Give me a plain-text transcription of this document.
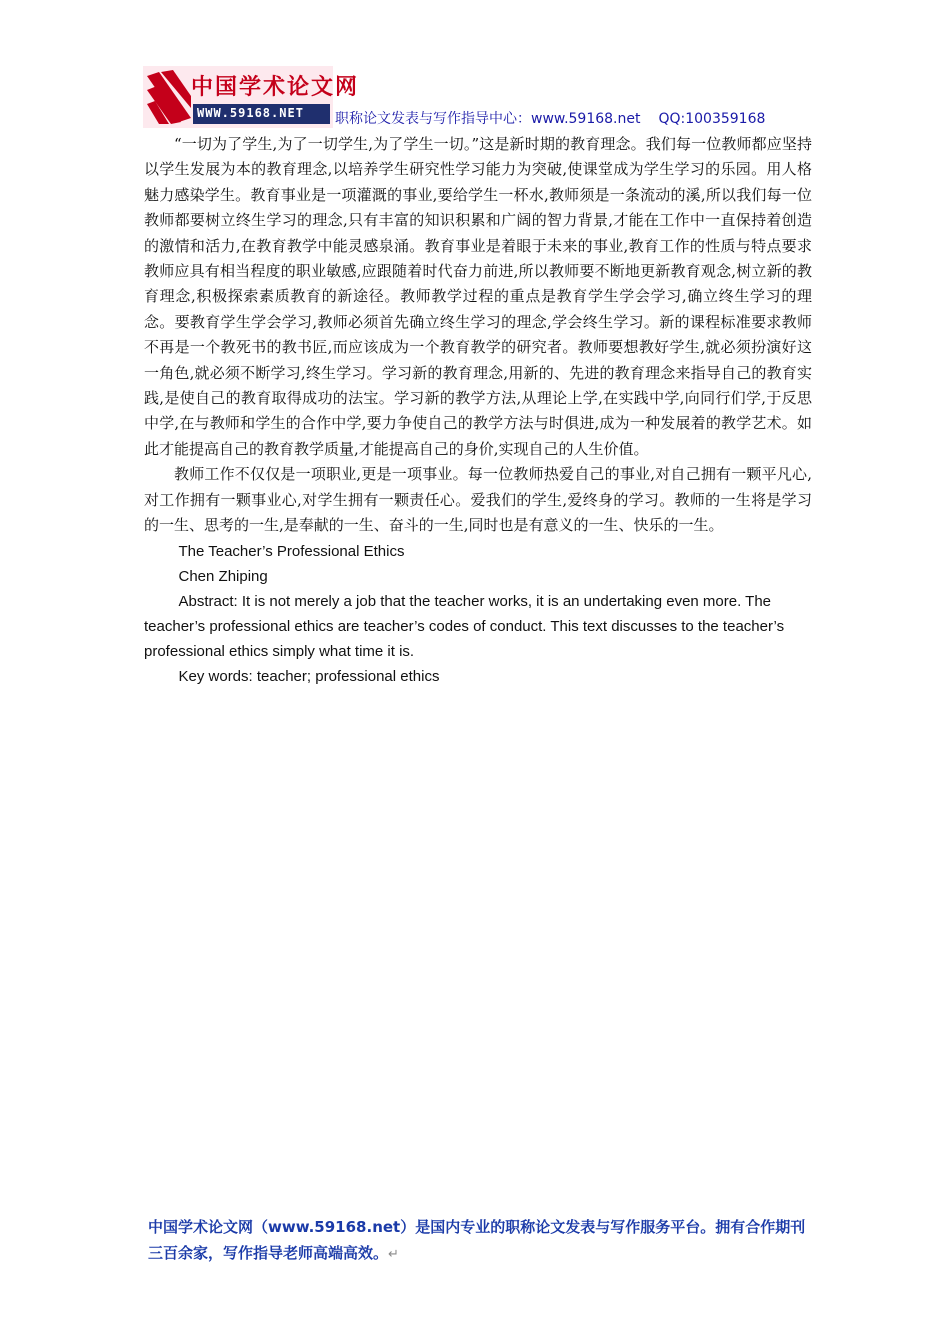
中国学术论文网
WWW.59168.NET 职称论文发表与写作指导中心：www.59168.net QQ:100359168

“一切为了学生,为了一切学生,为了学生一切。”这是新时期的教育理念。我们每一位教师都应坚持以学生发展为本的教育理念,以培养学生研究性学习能力为突破,使课堂成为学生学习的乐园。用人格魅力感染学生。教育事业是一项灌溉的事业,要给学生一杯水,教师须是一条流动的溪,所以我们每一位教师都要树立终生学习的理念,只有丰富的知识积累和广阔的智力背景,才能在工作中一直保持着创造的激情和活力,在教育教学中能灵感泉涌。教育事业是着眼于未来的事业,教育工作的性质与特点要求教师应具有相当程度的职业敏感,应跟随着时代奋力前进,所以教师要不断地更新教育观念,树立新的教育理念,积极探索素质教育的新途径。教师教学过程的重点是教育学生学会学习,确立终生学习的理念。要教育学生学会学习,教师必须首先确立终生学习的理念,学会终生学习。新的课程标准要求教师不再是一个教死书的教书匠,而应该成为一个教育教学的研究者。教师要想教好学生,就必须扮演好这一角色,就必须不断学习,终生学习。学习新的教育理念,用新的、先进的教育理念来指导自己的教育实践,是使自己的教育取得成功的法宝。学习新的教学方法,从理论上学,在实践中学,向同行们学,于反思中学,在与教师和学生的合作中学,要力争使自己的教学方法与时俱进,成为一种发展着的教学艺术。如此才能提高自己的教育教学质量,才能提高自己的身价,实现自己的人生价值。

教师工作不仅仅是一项职业,更是一项事业。每一位教师热爱自己的事业,对自己拥有一颗平凡心,对工作拥有一颗事业心,对学生拥有一颗责任心。爱我们的学生,爱终身的学习。教师的一生将是学习的一生、思考的一生,是奉献的一生、奋斗的一生,同时也是有意义的一生、快乐的一生。

The Teacher’s Professional Ethics

Chen Zhiping

Abstract: It is not merely a job that the teacher works, it is an undertaking even more. The teacher’s professional ethics are teacher’s codes of conduct. This text discusses to the teacher’s professional ethics simply what time it is.

Key words: teacher; professional ethics

中国学术论文网（www.59168.net）是国内专业的职称论文发表与写作服务平台。拥有合作期刊三百余家，写作指导老师高端高效。↵
